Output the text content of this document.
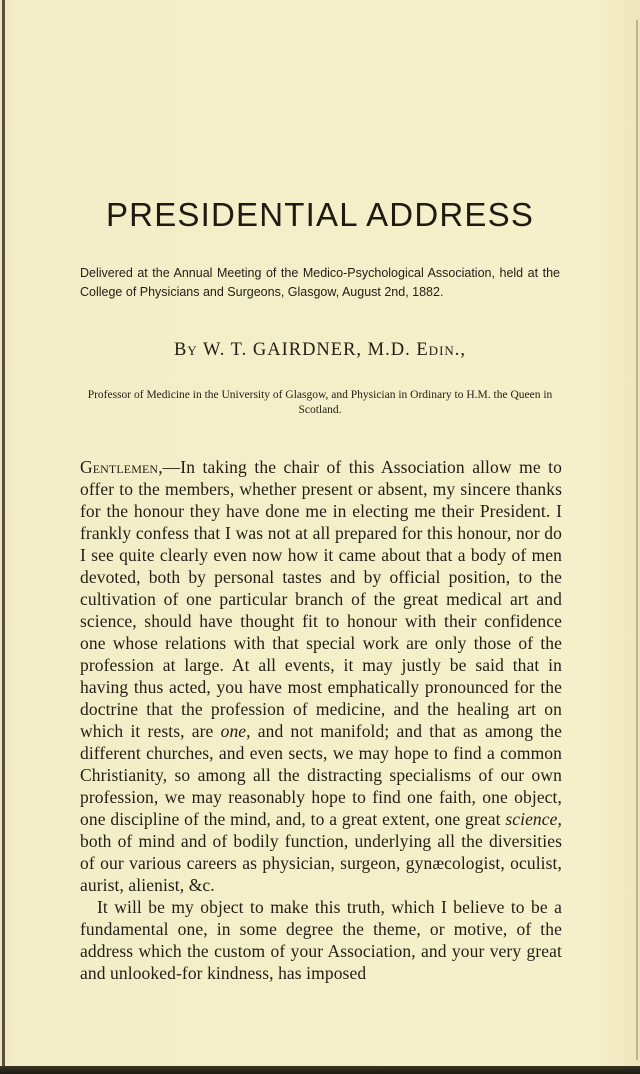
PRESIDENTIAL ADDRESS

Delivered at the Annual Meeting of the Medico-Psychological Association, held at the College of Physicians and Surgeons, Glasgow, August 2nd, 1882.

By W. T. GAIRDNER, M.D. Edin.,

Professor of Medicine in the University of Glasgow, and Physician in Ordinary to H.M. the Queen in Scotland.

Gentlemen,—In taking the chair of this Association allow me to offer to the members, whether present or absent, my sincere thanks for the honour they have done me in electing me their President. I frankly confess that I was not at all prepared for this honour, nor do I see quite clearly even now how it came about that a body of men devoted, both by personal tastes and by official position, to the cultivation of one particular branch of the great medical art and science, should have thought fit to honour with their confidence one whose relations with that special work are only those of the profession at large. At all events, it may justly be said that in having thus acted, you have most emphatically pronounced for the doctrine that the profession of medicine, and the healing art on which it rests, are one, and not manifold; and that as among the different churches, and even sects, we may hope to find a common Christianity, so among all the distracting specialisms of our own profession, we may reasonably hope to find one faith, one object, one discipline of the mind, and, to a great extent, one great science, both of mind and of bodily function, underlying all the diversities of our various careers as physician, surgeon, gynæcologist, oculist, aurist, alienist, &c.

It will be my object to make this truth, which I believe to be a fundamental one, in some degree the theme, or motive, of the address which the custom of your Association, and your very great and unlooked-for kindness, has imposed
